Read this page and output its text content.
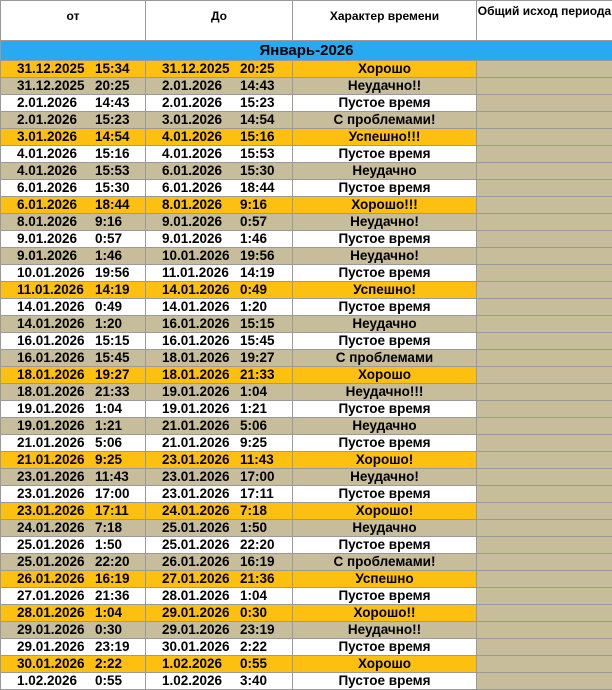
от	До	Характер времени	Общий исход периода
Январь-2026			
31.12.2025 15:34	31.12.2025 20:25	Хорошо	
31.12.2025 20:25	2.01.2026 14:43	Неудачно!!	
2.01.2026 14:43	2.01.2026 15:23	Пустое время	
2.01.2026 15:23	3.01.2026 14:54	С проблемами!	
3.01.2026 14:54	4.01.2026 15:16	Успешно!!!	
4.01.2026 15:16	4.01.2026 15:53	Пустое время	
4.01.2026 15:53	6.01.2026 15:30	Неудачно	
6.01.2026 15:30	6.01.2026 18:44	Пустое время	
6.01.2026 18:44	8.01.2026 9:16	Хорошо!!!	
8.01.2026 9:16	9.01.2026 0:57	Неудачно!	
9.01.2026 0:57	9.01.2026 1:46	Пустое время	
9.01.2026 1:46	10.01.2026 19:56	Неудачно!	
10.01.2026 19:56	11.01.2026 14:19	Пустое время	
11.01.2026 14:19	14.01.2026 0:49	Успешно!	
14.01.2026 0:49	14.01.2026 1:20	Пустое время	
14.01.2026 1:20	16.01.2026 15:15	Неудачно	
16.01.2026 15:15	16.01.2026 15:45	Пустое время	
16.01.2026 15:45	18.01.2026 19:27	С проблемами	
18.01.2026 19:27	18.01.2026 21:33	Хорошо	
18.01.2026 21:33	19.01.2026 1:04	Неудачно!!!	
19.01.2026 1:04	19.01.2026 1:21	Пустое время	
19.01.2026 1:21	21.01.2026 5:06	Неудачно	
21.01.2026 5:06	21.01.2026 9:25	Пустое время	
21.01.2026 9:25	23.01.2026 11:43	Хорошо!	
23.01.2026 11:43	23.01.2026 17:00	Неудачно!	
23.01.2026 17:00	23.01.2026 17:11	Пустое время	
23.01.2026 17:11	24.01.2026 7:18	Хорошо!	
24.01.2026 7:18	25.01.2026 1:50	Неудачно	
25.01.2026 1:50	25.01.2026 22:20	Пустое время	
25.01.2026 22:20	26.01.2026 16:19	С проблемами!	
26.01.2026 16:19	27.01.2026 21:36	Успешно	
27.01.2026 21:36	28.01.2026 1:04	Пустое время	
28.01.2026 1:04	29.01.2026 0:30	Хорошо!!	
29.01.2026 0:30	29.01.2026 23:19	Неудачно!!	
29.01.2026 23:19	30.01.2026 2:22	Пустое время	
30.01.2026 2:22	1.02.2026 0:55	Хорошо	
1.02.2026 0:55	1.02.2026 3:40	Пустое время	
